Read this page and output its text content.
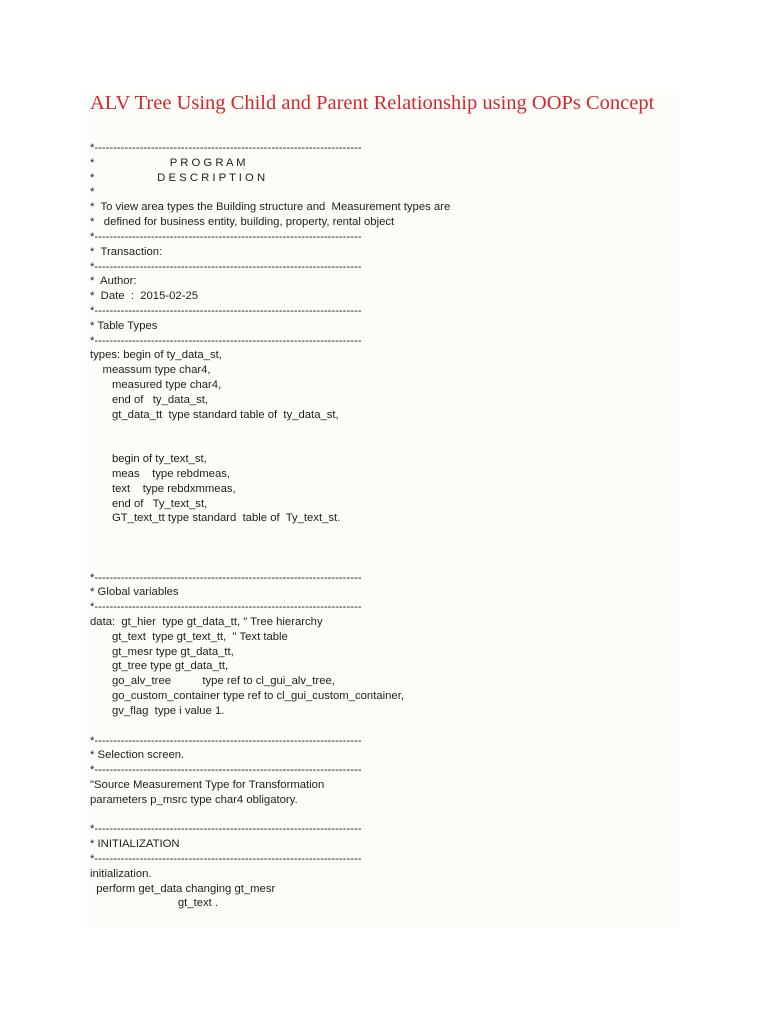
ALV Tree Using Child and Parent Relationship using OOPs Concept
*-----------------------------------------------------------------------
*                        P R O G R A M
*                    D E S C R I P T I O N
*
*  To view area types the Building structure and  Measurement types are
*   defined for business entity, building, property, rental object
*-----------------------------------------------------------------------
*  Transaction:
*-----------------------------------------------------------------------
*  Author:
*  Date  :  2015-02-25
*-----------------------------------------------------------------------
* Table Types
*-----------------------------------------------------------------------
types: begin of ty_data_st,
meassum type char4,
measured type char4,
end of   ty_data_st,
gt_data_tt  type standard table of  ty_data_st,
begin of ty_text_st,
meas    type rebdmeas,
text    type rebdxmmeas,
end of   Ty_text_st,
GT_text_tt type standard  table of  Ty_text_st.
*-----------------------------------------------------------------------
* Global variables
*-----------------------------------------------------------------------
data:  gt_hier  type gt_data_tt, " Tree hierarchy
gt_text  type gt_text_tt,  " Text table
gt_mesr type gt_data_tt,
gt_tree type gt_data_tt,
go_alv_tree          type ref to cl_gui_alv_tree,
go_custom_container type ref to cl_gui_custom_container,
gv_flag  type i value 1.
*-----------------------------------------------------------------------
* Selection screen.
*-----------------------------------------------------------------------
"Source Measurement Type for Transformation
parameters p_msrc type char4 obligatory.
*-----------------------------------------------------------------------
* INITIALIZATION
*-----------------------------------------------------------------------
initialization.
perform get_data changing gt_mesr
gt_text .
